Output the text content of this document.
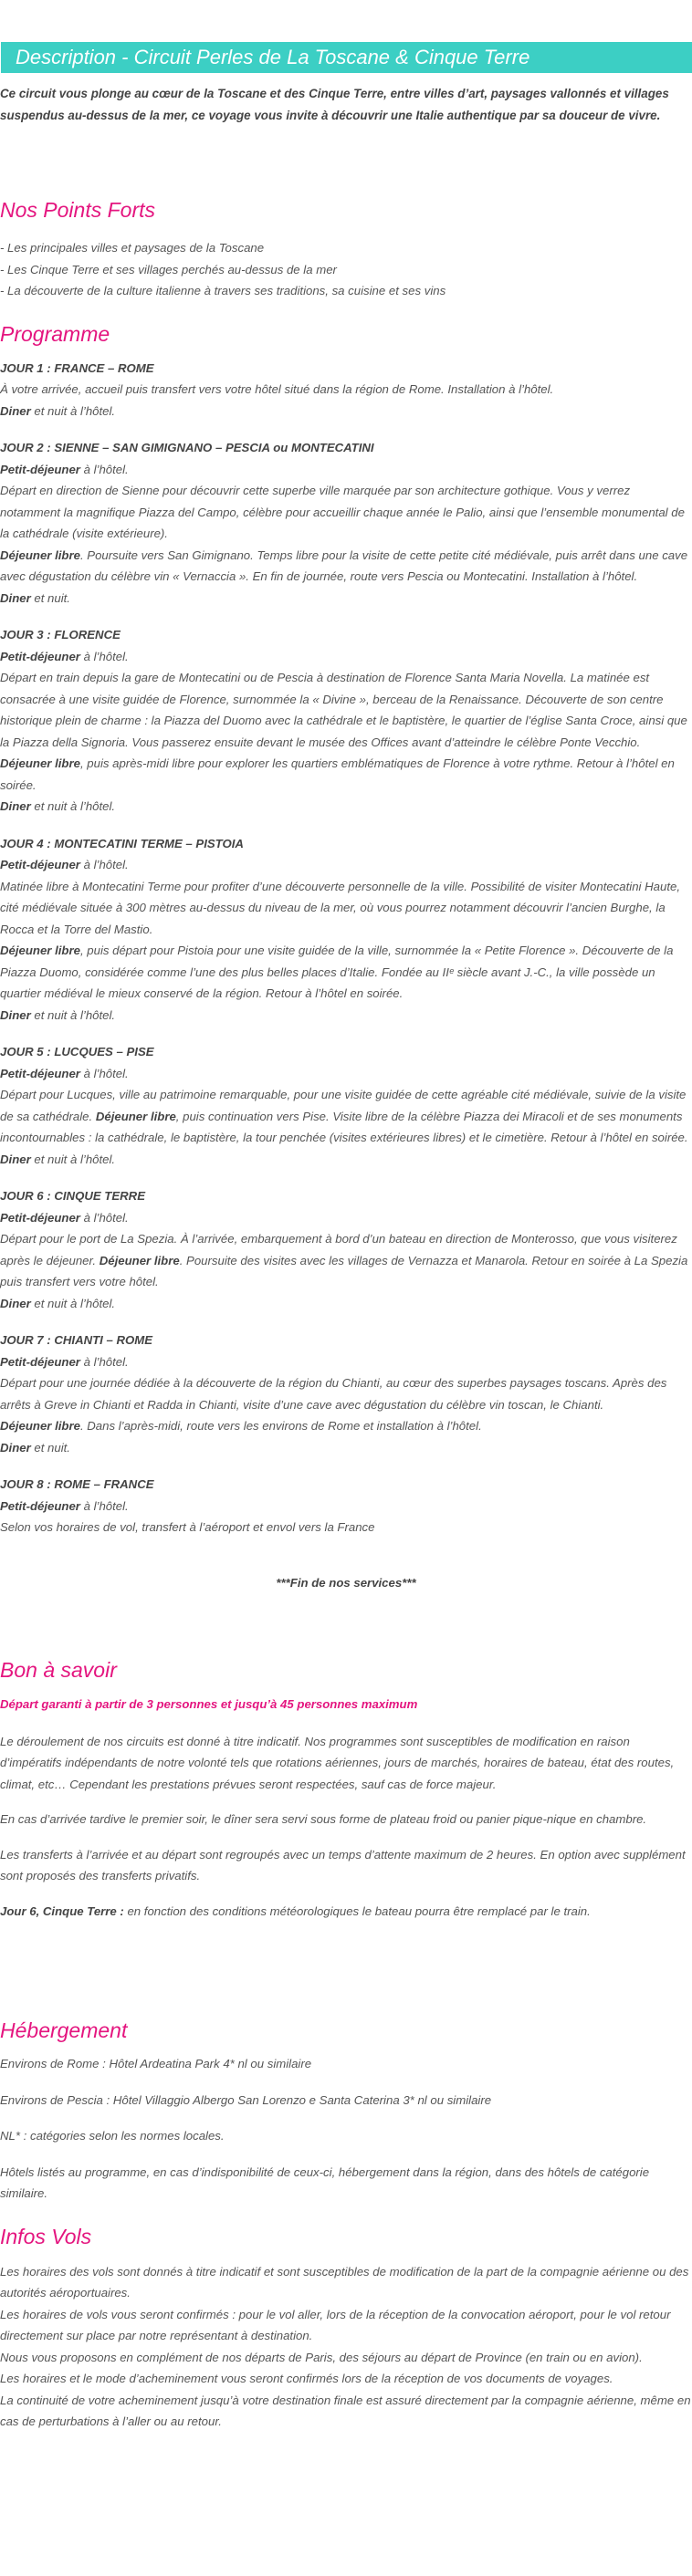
Description - Circuit Perles de La Toscane & Cinque Terre

Ce circuit vous plonge au cœur de la Toscane et des Cinque Terre, entre villes d’art, paysages vallonnés et villages suspendus au-dessus de la mer, ce voyage vous invite à découvrir une Italie authentique par sa douceur de vivre.

Nos Points Forts

- Les principales villes et paysages de la Toscane

- Les Cinque Terre et ses villages perchés au-dessus de la mer

- La découverte de la culture italienne à travers ses traditions, sa cuisine et ses vins

Programme

JOUR 1 : FRANCE – ROME

À votre arrivée, accueil puis transfert vers votre hôtel situé dans la région de Rome. Installation à l’hôtel.

Diner et nuit à l’hôtel.

JOUR 2 : SIENNE – SAN GIMIGNANO – PESCIA ou MONTECATINI

Petit-déjeuner à l’hôtel.

Départ en direction de Sienne pour découvrir cette superbe ville marquée par son architecture gothique. Vous y verrez notamment la magnifique Piazza del Campo, célèbre pour accueillir chaque année le Palio, ainsi que l’ensemble monumental de la cathédrale (visite extérieure).

Déjeuner libre. Poursuite vers San Gimignano. Temps libre pour la visite de cette petite cité médiévale, puis arrêt dans une cave avec dégustation du célèbre vin « Vernaccia ». En fin de journée, route vers Pescia ou Montecatini. Installation à l’hôtel.

Diner et nuit.

JOUR 3 : FLORENCE

Petit-déjeuner à l’hôtel.

Départ en train depuis la gare de Montecatini ou de Pescia à destination de Florence Santa Maria Novella. La matinée est consacrée à une visite guidée de Florence, surnommée la « Divine », berceau de la Renaissance. Découverte de son centre historique plein de charme : la Piazza del Duomo avec la cathédrale et le baptistère, le quartier de l’église Santa Croce, ainsi que la Piazza della Signoria. Vous passerez ensuite devant le musée des Offices avant d’atteindre le célèbre Ponte Vecchio.

Déjeuner libre, puis après-midi libre pour explorer les quartiers emblématiques de Florence à votre rythme. Retour à l’hôtel en soirée.

Diner et nuit à l’hôtel.

JOUR 4 : MONTECATINI TERME – PISTOIA

Petit-déjeuner à l’hôtel.

Matinée libre à Montecatini Terme pour profiter d’une découverte personnelle de la ville. Possibilité de visiter Montecatini Haute, cité médiévale située à 300 mètres au-dessus du niveau de la mer, où vous pourrez notamment découvrir l’ancien Burghe, la Rocca et la Torre del Mastio.

Déjeuner libre, puis départ pour Pistoia pour une visite guidée de la ville, surnommée la « Petite Florence ». Découverte de la Piazza Duomo, considérée comme l’une des plus belles places d’Italie. Fondée au IIᵉ siècle avant J.-C., la ville possède un quartier médiéval le mieux conservé de la région. Retour à l’hôtel en soirée.

Diner et nuit à l’hôtel.

JOUR 5 : LUCQUES – PISE

Petit-déjeuner à l’hôtel.

Départ pour Lucques, ville au patrimoine remarquable, pour une visite guidée de cette agréable cité médiévale, suivie de la visite de sa cathédrale. Déjeuner libre, puis continuation vers Pise. Visite libre de la célèbre Piazza dei Miracoli et de ses monuments incontournables : la cathédrale, le baptistère, la tour penchée (visites extérieures libres) et le cimetière. Retour à l’hôtel en soirée.

Diner et nuit à l’hôtel.

JOUR 6 : CINQUE TERRE

Petit-déjeuner à l’hôtel.

Départ pour le port de La Spezia. À l’arrivée, embarquement à bord d’un bateau en direction de Monterosso, que vous visiterez après le déjeuner. Déjeuner libre. Poursuite des visites avec les villages de Vernazza et Manarola. Retour en soirée à La Spezia puis transfert vers votre hôtel.

Diner et nuit à l’hôtel.

JOUR 7 : CHIANTI – ROME

Petit-déjeuner à l’hôtel.

Départ pour une journée dédiée à la découverte de la région du Chianti, au cœur des superbes paysages toscans. Après des arrêts à Greve in Chianti et Radda in Chianti, visite d’une cave avec dégustation du célèbre vin toscan, le Chianti.

Déjeuner libre. Dans l’après-midi, route vers les environs de Rome et installation à l’hôtel.

Diner et nuit.

JOUR 8 : ROME – FRANCE

Petit-déjeuner à l’hôtel.

Selon vos horaires de vol, transfert à l’aéroport et envol vers la France

***Fin de nos services***

Bon à savoir

Départ garanti à partir de 3 personnes et jusqu’à 45 personnes maximum

Le déroulement de nos circuits est donné à titre indicatif. Nos programmes sont susceptibles de modification en raison d’impératifs indépendants de notre volonté tels que rotations aériennes, jours de marchés, horaires de bateau, état des routes, climat, etc… Cependant les prestations prévues seront respectées, sauf cas de force majeur.

En cas d’arrivée tardive le premier soir, le dîner sera servi sous forme de plateau froid ou panier pique-nique en chambre.

Les transferts à l’arrivée et au départ sont regroupés avec un temps d’attente maximum de 2 heures. En option avec supplément sont proposés des transferts privatifs.

Jour 6, Cinque Terre : en fonction des conditions météorologiques le bateau pourra être remplacé par le train.

Hébergement

Environs de Rome : Hôtel Ardeatina Park 4* nl ou similaire

Environs de Pescia : Hôtel Villaggio Albergo San Lorenzo e Santa Caterina 3* nl ou similaire

NL* : catégories selon les normes locales.

Hôtels listés au programme, en cas d’indisponibilité de ceux-ci, hébergement dans la région, dans des hôtels de catégorie similaire.

Infos Vols

Les horaires des vols sont donnés à titre indicatif et sont susceptibles de modification de la part de la compagnie aérienne ou des autorités aéroportuaires.

Les horaires de vols vous seront confirmés : pour le vol aller, lors de la réception de la convocation aéroport, pour le vol retour directement sur place par notre représentant à destination.

Nous vous proposons en complément de nos départs de Paris, des séjours au départ de Province (en train ou en avion).

Les horaires et le mode d’acheminement vous seront confirmés lors de la réception de vos documents de voyages.

La continuité de votre acheminement jusqu’à votre destination finale est assuré directement par la compagnie aérienne, même en cas de perturbations à l’aller ou au retour.
